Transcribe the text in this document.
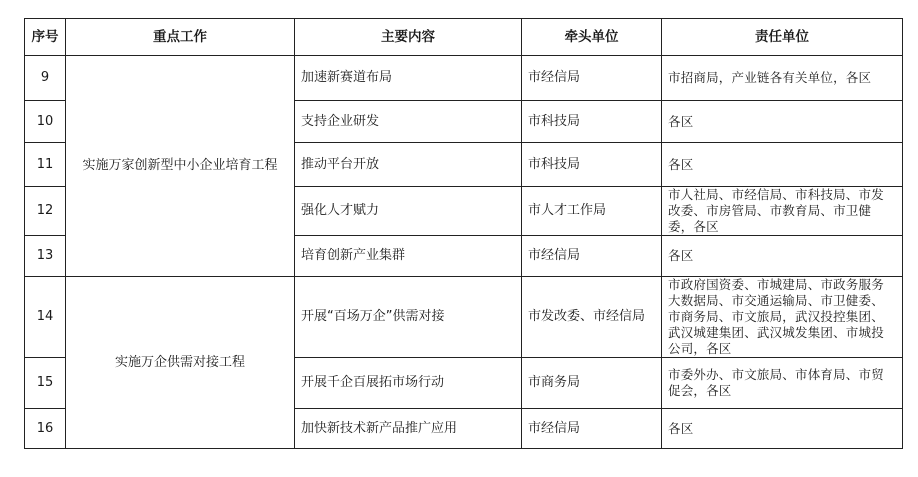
序号	重点工作	主要内容	牵头单位	责任单位
9	实施万家创新型中小企业培育工程	加速新赛道布局	市经信局	市招商局，产业链各有关单位，各区
10		支持企业研发	市科技局	各区
11		推动平台开放	市科技局	各区
12		强化人才赋力	市人才工作局	市人社局、市经信局、市科技局、市发改委、市房管局、市教育局、市卫健委，各区
13		培育创新产业集群	市经信局	各区
14	实施万企供需对接工程	开展“百场万企”供需对接	市发改委、市经信局	市政府国资委、市城建局、市政务服务大数据局、市交通运输局、市卫健委、市商务局、市文旅局，武汉投控集团、武汉城建集团、武汉城发集团、市城投公司，各区
15		开展千企百展拓市场行动	市商务局	市委外办、市文旅局、市体育局、市贸促会，各区
16		加快新技术新产品推广应用	市经信局	各区
